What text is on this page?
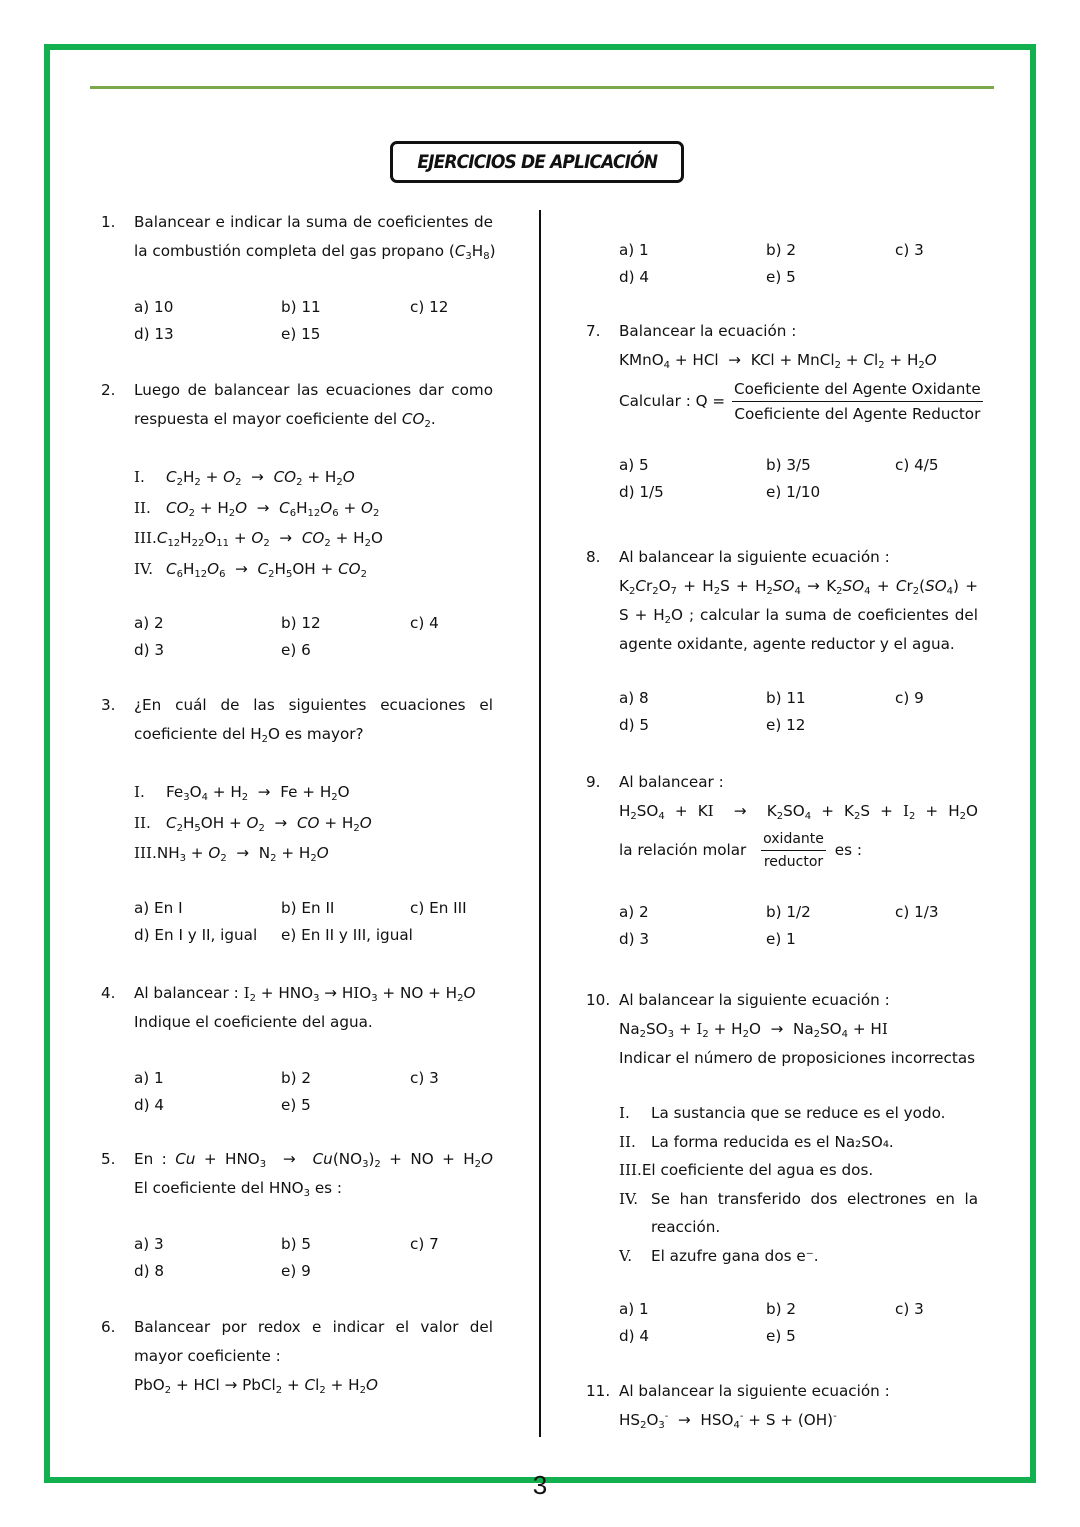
EJERCICIOS DE APLICACIÓN
1. Balancear e indicar la suma de coeficientes de
la combustión completa del gas propano $(C_3H_8)$
a) 10	b) 11	c) 12
d) 13	e) 15
2. Luego de balancear las ecuaciones dar como
respuesta el mayor coeficiente del $CO_2$.
I.	$C_2H_2 + O_2 \to CO_2 + H_2O$
II. $CO_2 + H_2O \to C_6H_{12}O_6 + O_2$
III. $C_{12}H_{22}O_{11} + O_2 \to CO_2 + H_2O$
IV. $C_6H_{12}O_6 \to C_2H_5OH + CO_2$
a) 2	b) 12	c) 4
d) 3	e) 6
3. ¿En cuál de las siguientes ecuaciones el
coeficiente del $H_2O$ es mayor?
I.	$Fe_3O_4 + H_2 \to Fe + H_2O$
II. $C_2H_5OH + O_2$  →  CO + $H_2O$
III. $NH_3 + O_2 \to N_2 + H_2O$
a) En I	b) En II	c) En III
d) En I y II, igual	e) En II y III, igual
4. Al balancear : $I_2 + HNO_3 \to HIO_3$ + NO + $H_2O$
Indique el coeficiente del agua.
a) 1	b) 2	c) 3
d) 4	e) 5
5. En : $Cu + HNO_3 \to Cu(NO_3)_2$ + NO + $H_2O$
El coeficiente del $HNO_3$ es :
a) 3	b) 5	c) 7
d) 8	e) 9
6. Balancear por redox e indicar el valor del
mayor coeficiente :
PbO$_2$ + HCl → PbCl$_2$ + $Cl_2 + H_2O$
a) 1	b) 2	c) 3
d) 4	e) 5
7. Balancear la ecuación :
KMnO$_4$ + HCl  →  KCl + MnCl$_2$ + $Cl_2 + H_2O$
Calcular : $Q = \frac{\text{Coeficiente del Agente Oxidante}}{\text{Coeficiente del Agente Reductor}}$
a) 5	b) 3/5	c) 4/5
d) 1/5	e) 1/10
8. Al balancear la siguiente ecuación :
$K_2Cr_2O_7 + H_2S + H_2SO_4 \to K_2SO_4 + Cr_2(SO_4)$ +
$S + H_2O$ ; calcular la suma de coeficientes del
agente oxidante, agente reductor y el agua.
a) 8	b) 11	c) 9
d) 5	e) 12
9. Al balancear :
$H_2SO_4$ + KI  →  $K_2SO_4 + K_2S + I_2 + H_2O$
la relación molar $\frac{\text{oxidante}}{\text{reductor}}$ es :
a) 2	b) 1/2	c) 1/3
d) 3	e) 1
10. Al balancear la siguiente ecuación :
$Na_2SO_3 + I_2 + H_2O \to Na_2SO_4$ + HI
Indicar el número de proposiciones incorrectas
I.	La sustancia que se reduce es el yodo.
II. La forma reducida es el Na₂SO₄.
III. El coeficiente del agua es dos.
IV. Se han transferido dos electrones en la reacción.
V.	El azufre gana dos e⁻.
a) 1	b) 2	c) 3
d) 4	e) 5
11. Al balancear la siguiente ecuación :
$HS_2O_3^- \to HSO_4^- + S + (OH)^-$
3
